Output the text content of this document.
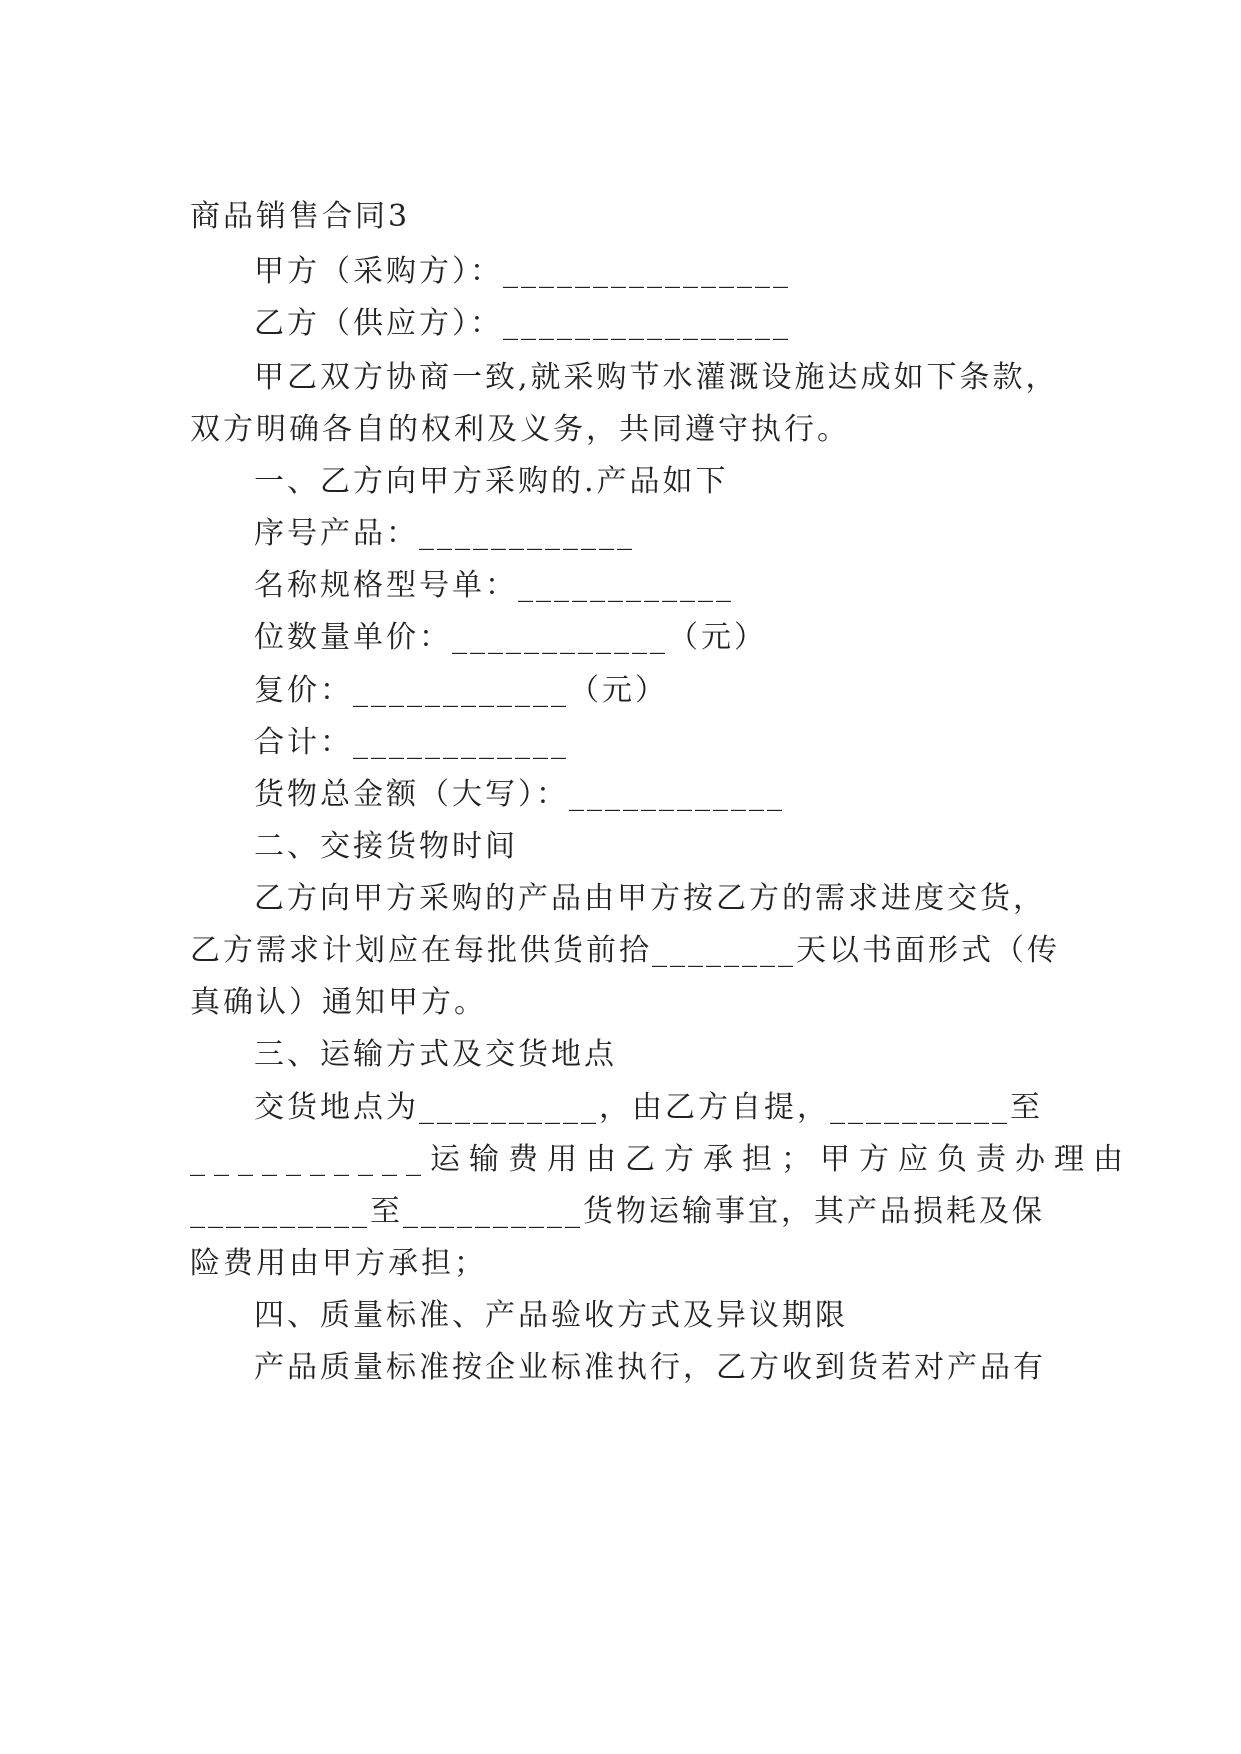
商品销售合同3
甲方（采购方）：________________
乙方（供应方）：________________
甲乙双方协商一致,就采购节水灌溉设施达成如下条款，
双方明确各自的权利及义务，共同遵守执行。
一、乙方向甲方采购的.产品如下
序号产品：____________
名称规格型号单：____________
位数量单价：____________（元）
复价：____________（元）
合计：____________
货物总金额（大写）：____________
二、交接货物时间
乙方向甲方采购的产品由甲方按乙方的需求进度交货，
乙方需求计划应在每批供货前拾________天以书面形式（传
真确认）通知甲方。
三、运输方式及交货地点
交货地点为__________，由乙方自提，__________至
__________运输费用由乙方承担；甲方应负责办理由
__________至__________货物运输事宜，其产品损耗及保
险费用由甲方承担；
四、质量标准、产品验收方式及异议期限
产品质量标准按企业标准执行，乙方收到货若对产品有
